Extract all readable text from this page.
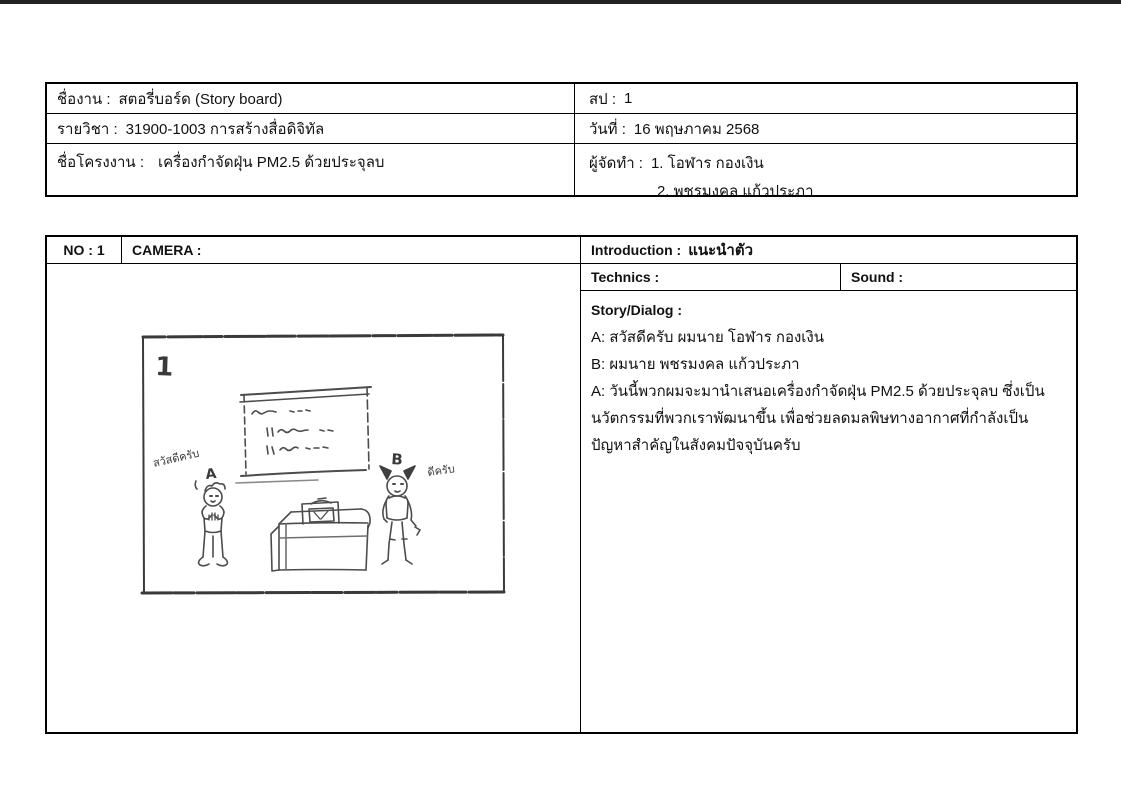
ชื่องาน : สตอรี่บอร์ด (Story board)	สป : 1
รายวิชา : 31900-1003 การสร้างสื่อดิจิทัล	วันที่ : 16 พฤษภาคม 2568
ชื่อโครงงาน : เครื่องกำจัดฝุ่น PM2.5 ด้วยประจุลบ	ผู้จัดทำ : 1. โอฬาร กองเงิน
2. พชรมงคล แก้วประภา
NO : 1	CAMERA :
1
สวัสดีครับ
A
B
ดีครับ
Introduction : แนะนำตัว
Technics :	Sound :
Story/Dialog :
A: สวัสดีครับ ผมนาย โอฬาร กองเงิน
B: ผมนาย พชรมงคล แก้วประภา
A: วันนี้พวกผมจะมานำเสนอเครื่องกำจัดฝุ่น PM2.5 ด้วยประจุลบ ซึ่งเป็นนวัตกรรมที่พวกเราพัฒนาขึ้น เพื่อช่วยลดมลพิษทางอากาศที่กำลังเป็นปัญหาสำคัญในสังคมปัจจุบันครับ
